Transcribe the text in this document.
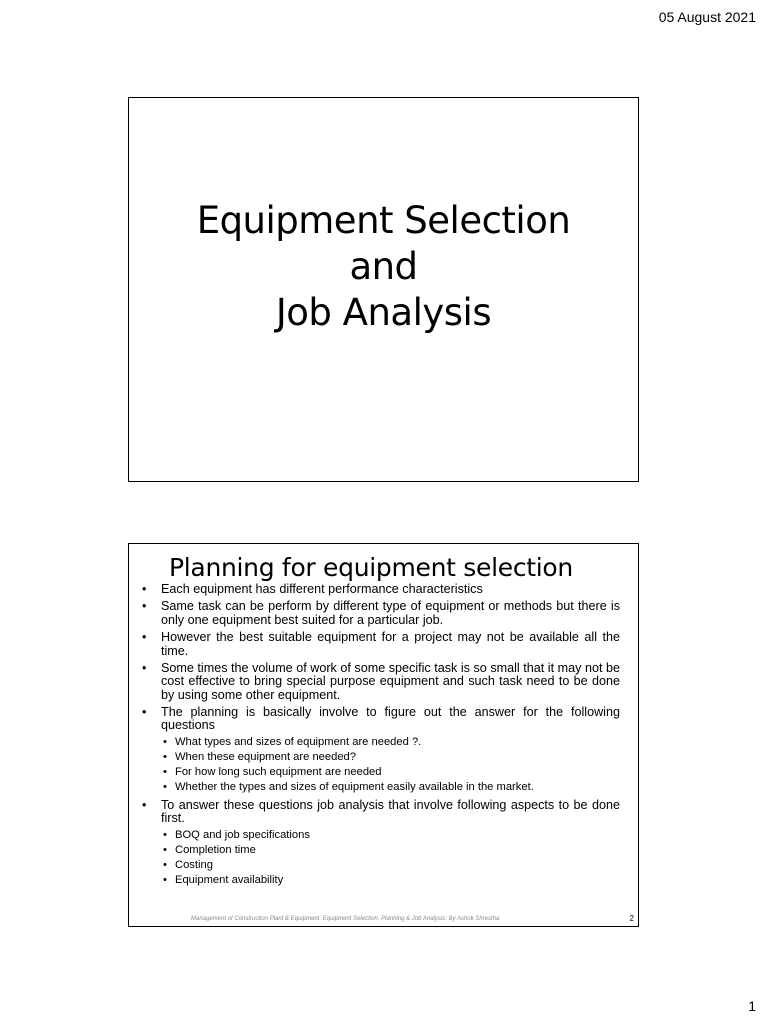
05 August 2021
Equipment Selection
and
Job Analysis
Planning for equipment selection
• Each equipment has different performance characteristics
• Same task can be perform by different type of equipment or methods but there is only one equipment best suited for a particular job.
• However the best suitable equipment for a project may not be available all the time.
• Some times the volume of work of some specific task is so small that it may not be cost effective to bring special purpose equipment and such task need to be done by using some other equipment.
• The planning is basically involve to figure out the answer for the following questions
• What types and sizes of equipment are needed ?.
• When these equipment are needed?
• For how long such equipment are needed
• Whether the types and sizes of equipment easily available in the market.
• To answer these questions job analysis that involve following aspects to be done first.
• BOQ and job specifications
• Completion time
• Costing
• Equipment availability
Management of Construction Plant & Equipment: Equipment Selection, Planning & Job Analysis: By Ashok Shrestha	2
1
